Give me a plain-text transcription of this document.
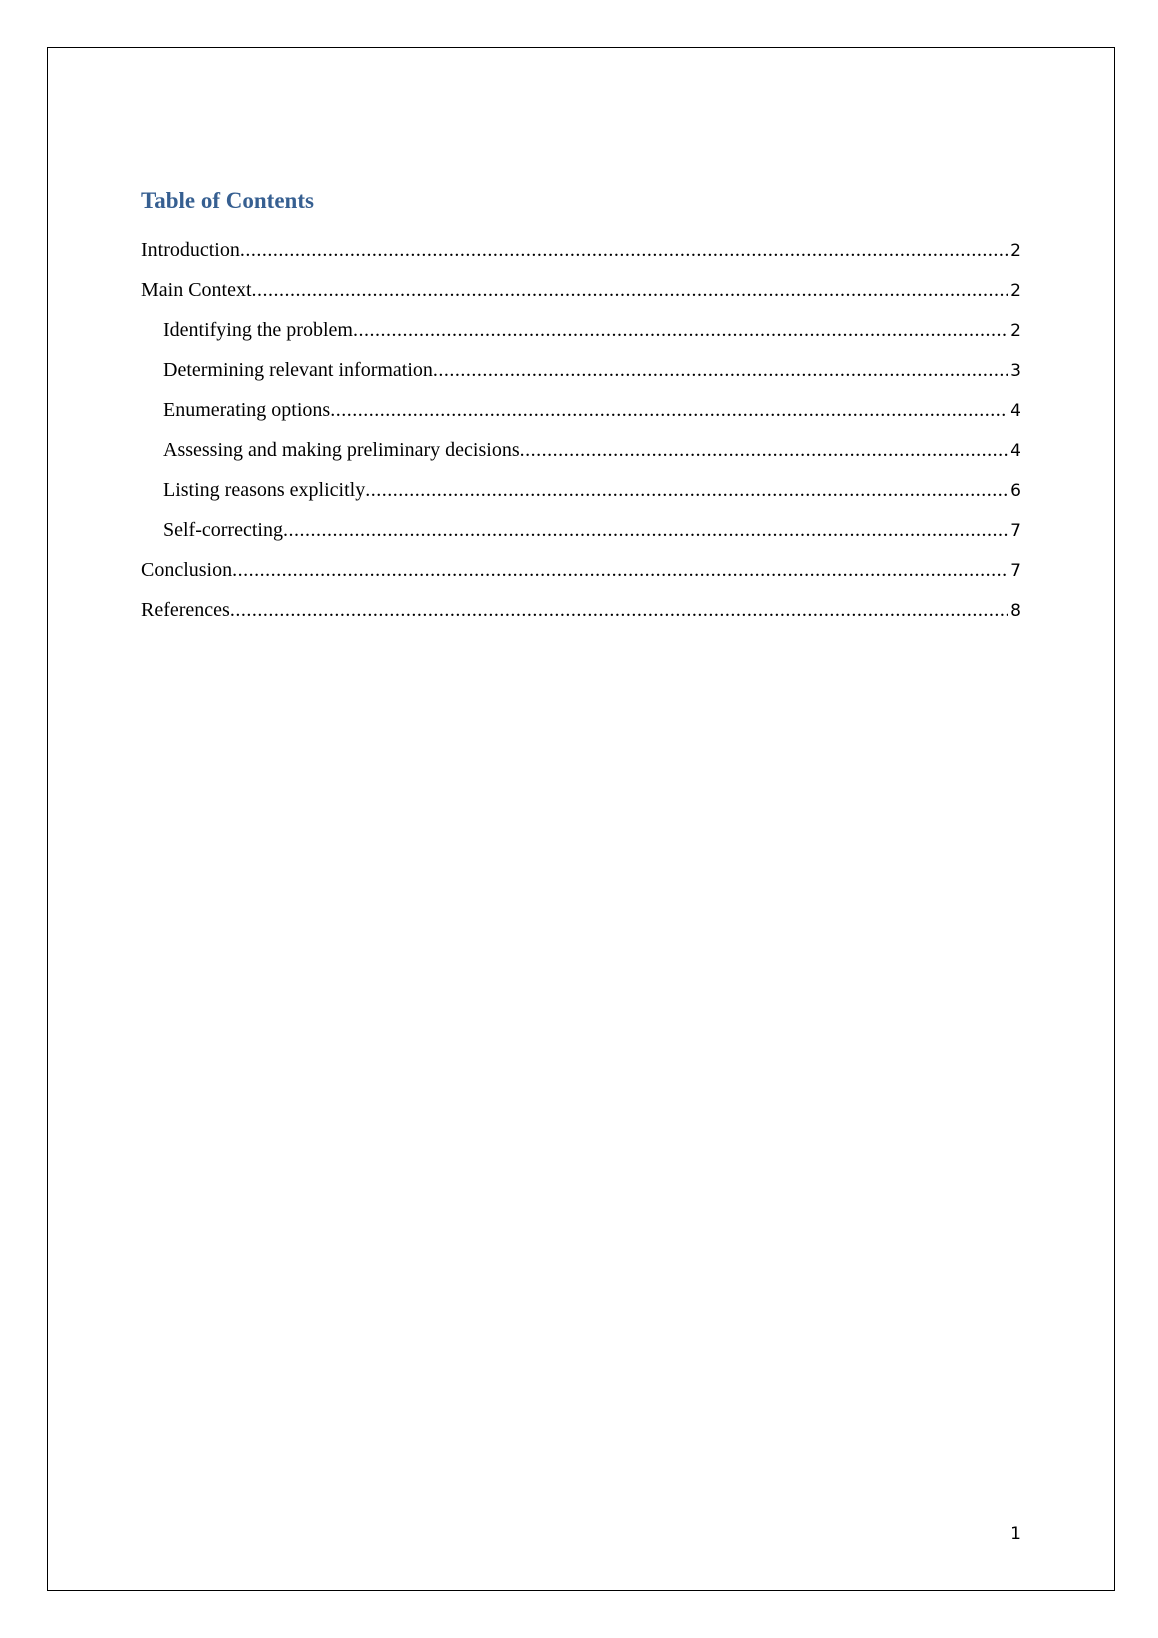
Table of Contents
Introduction .....	2
Main Context .....	2
Identifying the problem .....	2
Determining relevant information .....	3
Enumerating options .....	4
Assessing and making preliminary decisions .....	4
Listing reasons explicitly .....	6
Self-correcting .....	7
Conclusion .....	7
References .....	8
1
